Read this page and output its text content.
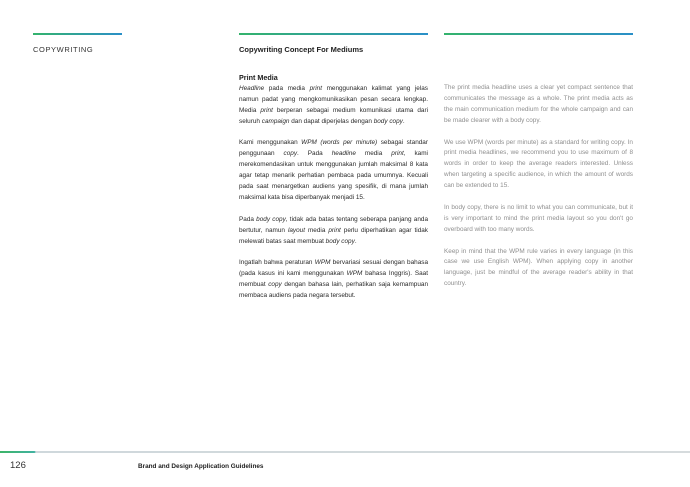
COPYWRITING	Copywriting Concept For Mediums
Print Media

Headline pada media print menggunakan kalimat yang jelas namun padat yang mengkomunikasikan pesan secara lengkap. Media print berperan sebagai medium komunikasi utama dari seluruh campaign dan dapat diperjelas dengan body copy.

Kami menggunakan WPM (words per minute) sebagai standar penggunaan copy. Pada headline media print, kami merekomendasikan untuk menggunakan jumlah maksimal 8 kata agar tetap menarik perhatian pembaca pada umumnya. Kecuali pada saat menargetkan audiens yang spesifik, di mana jumlah maksimal kata bisa diperbanyak menjadi 15.

Pada body copy, tidak ada batas tentang seberapa panjang anda bertutur, namun layout media print perlu diperhatikan agar tidak melewati batas saat membuat body copy.

Ingatlah bahwa peraturan WPM bervariasi sesuai dengan bahasa (pada kasus ini kami menggunakan WPM bahasa Inggris). Saat membuat copy dengan bahasa lain, perhatikan saja kemampuan membaca audiens pada negara tersebut.

The print media headline uses a clear yet compact sentence that communicates the message as a whole. The print media acts as the main communication medium for the whole campaign and can be made clearer with a body copy.

We use WPM (words per minute) as a standard for writing copy. In print media headlines, we recommend you to use maximum of 8 words in order to keep the average readers interested. Unless when targeting a specific audience, in which the amount of words can be extended to 15.

In body copy, there is no limit to what you can communicate, but it is very important to mind the print media layout so you don't go overboard with too many words.

Keep in mind that the WPM rule varies in every language (in this case we use English WPM). When applying copy in another language, just be mindful of the average reader's ability in that country.

126	Brand and Design Application Guidelines
